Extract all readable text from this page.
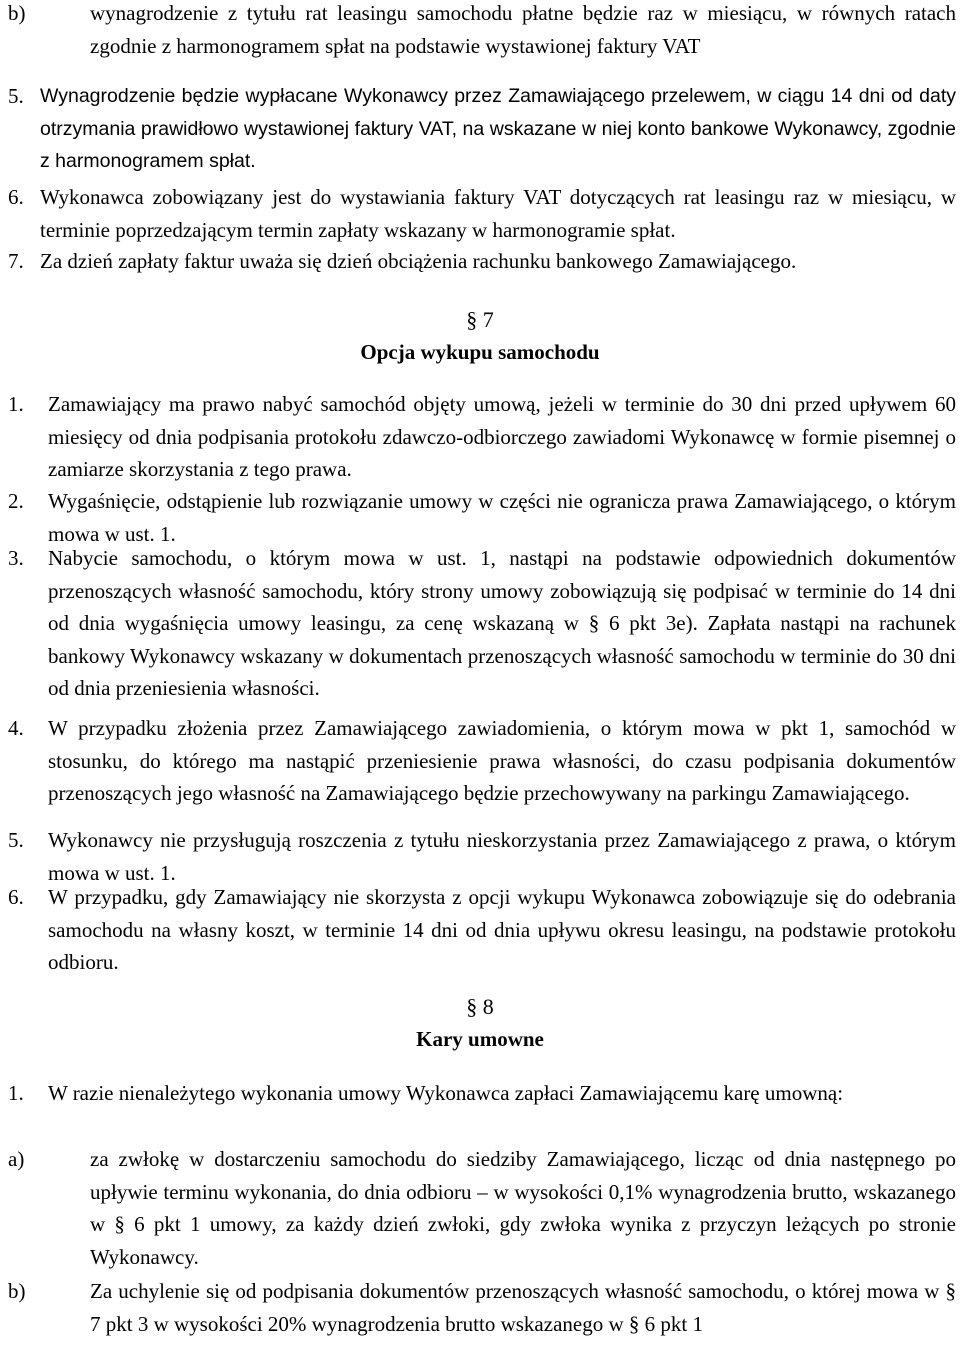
b)	wynagrodzenie z tytułu rat leasingu samochodu płatne będzie raz w miesiącu, w równych ratach zgodnie z harmonogramem spłat na podstawie wystawionej faktury VAT
5. Wynagrodzenie będzie wypłacane Wykonawcy przez Zamawiającego przelewem, w ciągu 14 dni od daty otrzymania prawidłowo wystawionej faktury VAT, na wskazane w niej konto bankowe Wykonawcy, zgodnie z harmonogramem spłat.
6. Wykonawca zobowiązany jest do wystawiania faktury VAT dotyczących rat leasingu raz w miesiącu, w terminie poprzedzającym termin zapłaty wskazany w harmonogramie spłat.
7. Za dzień zapłaty faktur uważa się dzień obciążenia rachunku bankowego Zamawiającego.
§ 7
Opcja wykupu samochodu
1.	Zamawiający ma prawo nabyć samochód objęty umową, jeżeli w terminie do 30 dni przed upływem 60 miesięcy od dnia podpisania protokołu zdawczo-odbiorczego zawiadomi Wykonawcę w formie pisemnej o zamiarze skorzystania z tego prawa.
2.	Wygaśnięcie, odstąpienie lub rozwiązanie umowy w części nie ogranicza prawa Zamawiającego, o którym mowa w ust. 1.
3.	Nabycie samochodu, o którym mowa w ust. 1, nastąpi na podstawie odpowiednich dokumentów przenoszących własność samochodu, który strony umowy zobowiązują się podpisać w terminie do 14 dni od dnia wygaśnięcia umowy leasingu, za cenę wskazaną w § 6 pkt 3e). Zapłata nastąpi na rachunek bankowy Wykonawcy wskazany w dokumentach przenoszących własność samochodu w terminie do 30 dni od dnia przeniesienia własności.
4.	W przypadku złożenia przez Zamawiającego zawiadomienia, o którym mowa w pkt 1, samochód w stosunku, do którego ma nastąpić przeniesienie prawa własności, do czasu podpisania dokumentów przenoszących jego własność na Zamawiającego będzie przechowywany na parkingu Zamawiającego.
5.	Wykonawcy nie przysługują roszczenia z tytułu nieskorzystania przez Zamawiającego z prawa, o którym mowa w ust. 1.
6.	W przypadku, gdy Zamawiający nie skorzysta z opcji wykupu Wykonawca zobowiązuje się do odebrania samochodu na własny koszt, w terminie 14 dni od dnia upływu okresu leasingu, na podstawie protokołu odbioru.
§ 8
Kary umowne
1.	W razie nienależytego wykonania umowy Wykonawca zapłaci Zamawiającemu karę umowną:
a)	za zwłokę w dostarczeniu samochodu do siedziby Zamawiającego, licząc od dnia następnego po upływie terminu wykonania, do dnia odbioru – w wysokości 0,1% wynagrodzenia brutto, wskazanego w § 6 pkt 1 umowy, za każdy dzień zwłoki, gdy zwłoka wynika z przyczyn leżących po stronie Wykonawcy.
b)	Za uchylenie się od podpisania dokumentów przenoszących własność samochodu, o której mowa w § 7 pkt 3 w wysokości 20% wynagrodzenia brutto wskazanego w § 6 pkt 1
